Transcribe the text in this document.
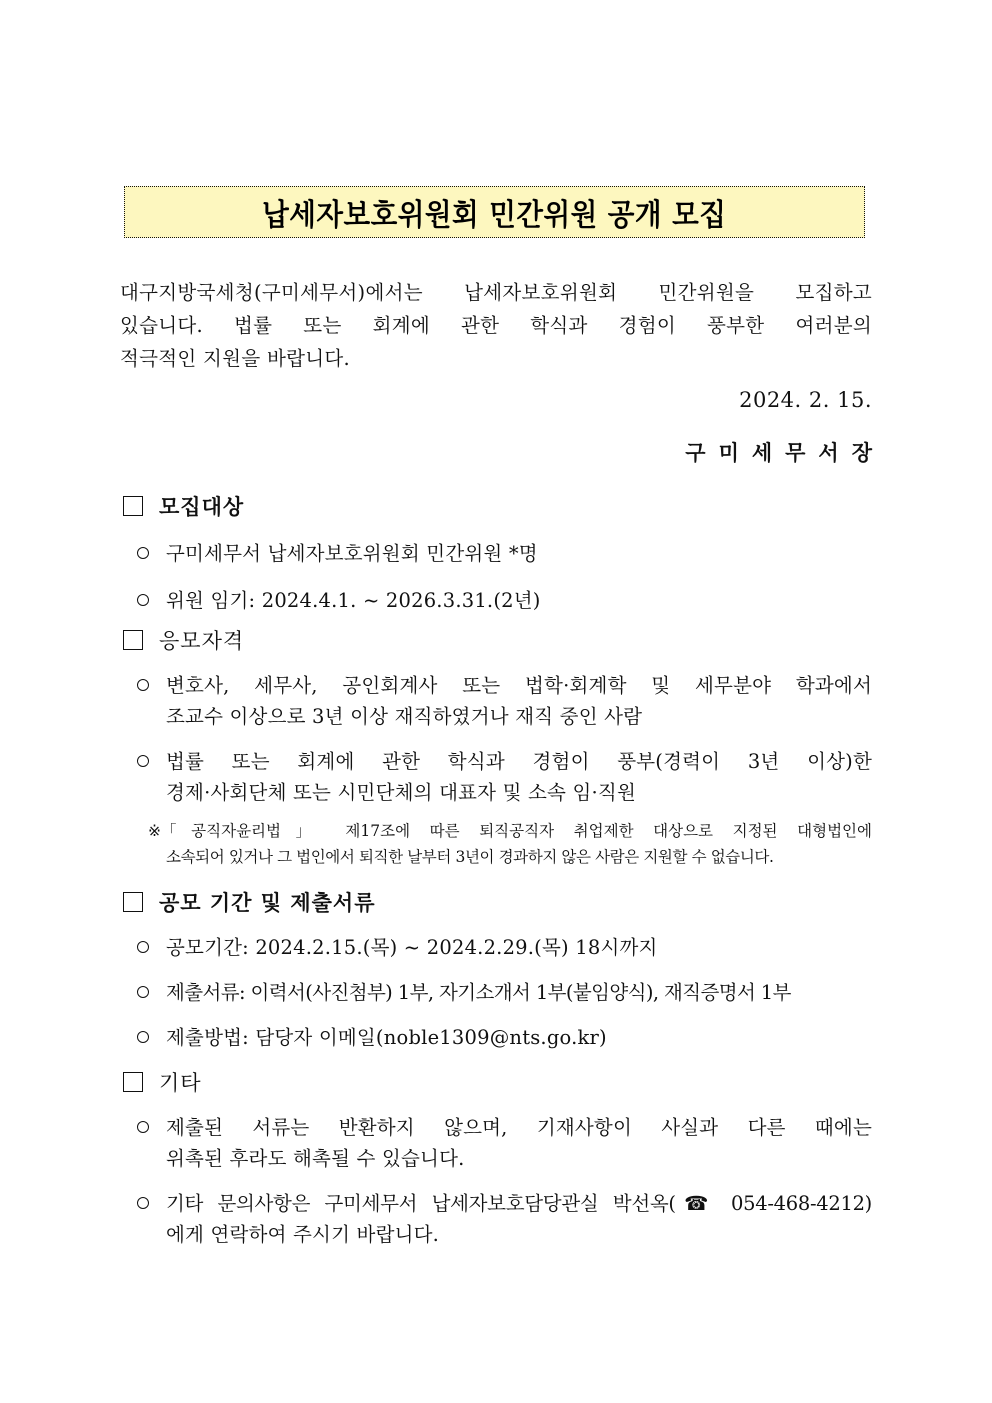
납세자보호위원회 민간위원 공개 모집
대구지방국세청(구미세무서)에서는 납세자보호위원회 민간위원을 모집하고
있습니다. 법률 또는 회계에 관한 학식과 경험이 풍부한 여러분의
적극적인 지원을 바랍니다.
2024. 2. 15.
구미세무서장
모집대상
구미세무서 납세자보호위원회 민간위원 *명
위원 임기: 2024.4.1. ~ 2026.3.31.(2년)
응모자격
변호사, 세무사, 공인회계사 또는 법학·회계학 및 세무분야 학과에서
조교수 이상으로 3년 이상 재직하였거나 재직 중인 사람
법률 또는 회계에 관한 학식과 경험이 풍부(경력이 3년 이상)한
경제·사회단체 또는 시민단체의 대표자 및 소속 임·직원
※ 「공직자윤리법」 제17조에 따른 퇴직공직자 취업제한 대상으로 지정된 대형법인에
소속되어 있거나 그 법인에서 퇴직한 날부터 3년이 경과하지 않은 사람은 지원할 수 없습니다.
공모 기간 및 제출서류
공모기간: 2024.2.15.(목) ~ 2024.2.29.(목) 18시까지
제출서류: 이력서(사진첨부) 1부, 자기소개서 1부(붙임양식), 재직증명서 1부
제출방법: 담당자 이메일(noble1309@nts.go.kr)
기타
제출된 서류는 반환하지 않으며, 기재사항이 사실과 다른 때에는
위촉된 후라도 해촉될 수 있습니다.
기타 문의사항은 구미세무서 납세자보호담당관실 박선옥(☎ 054-468-4212)
에게 연락하여 주시기 바랍니다.
